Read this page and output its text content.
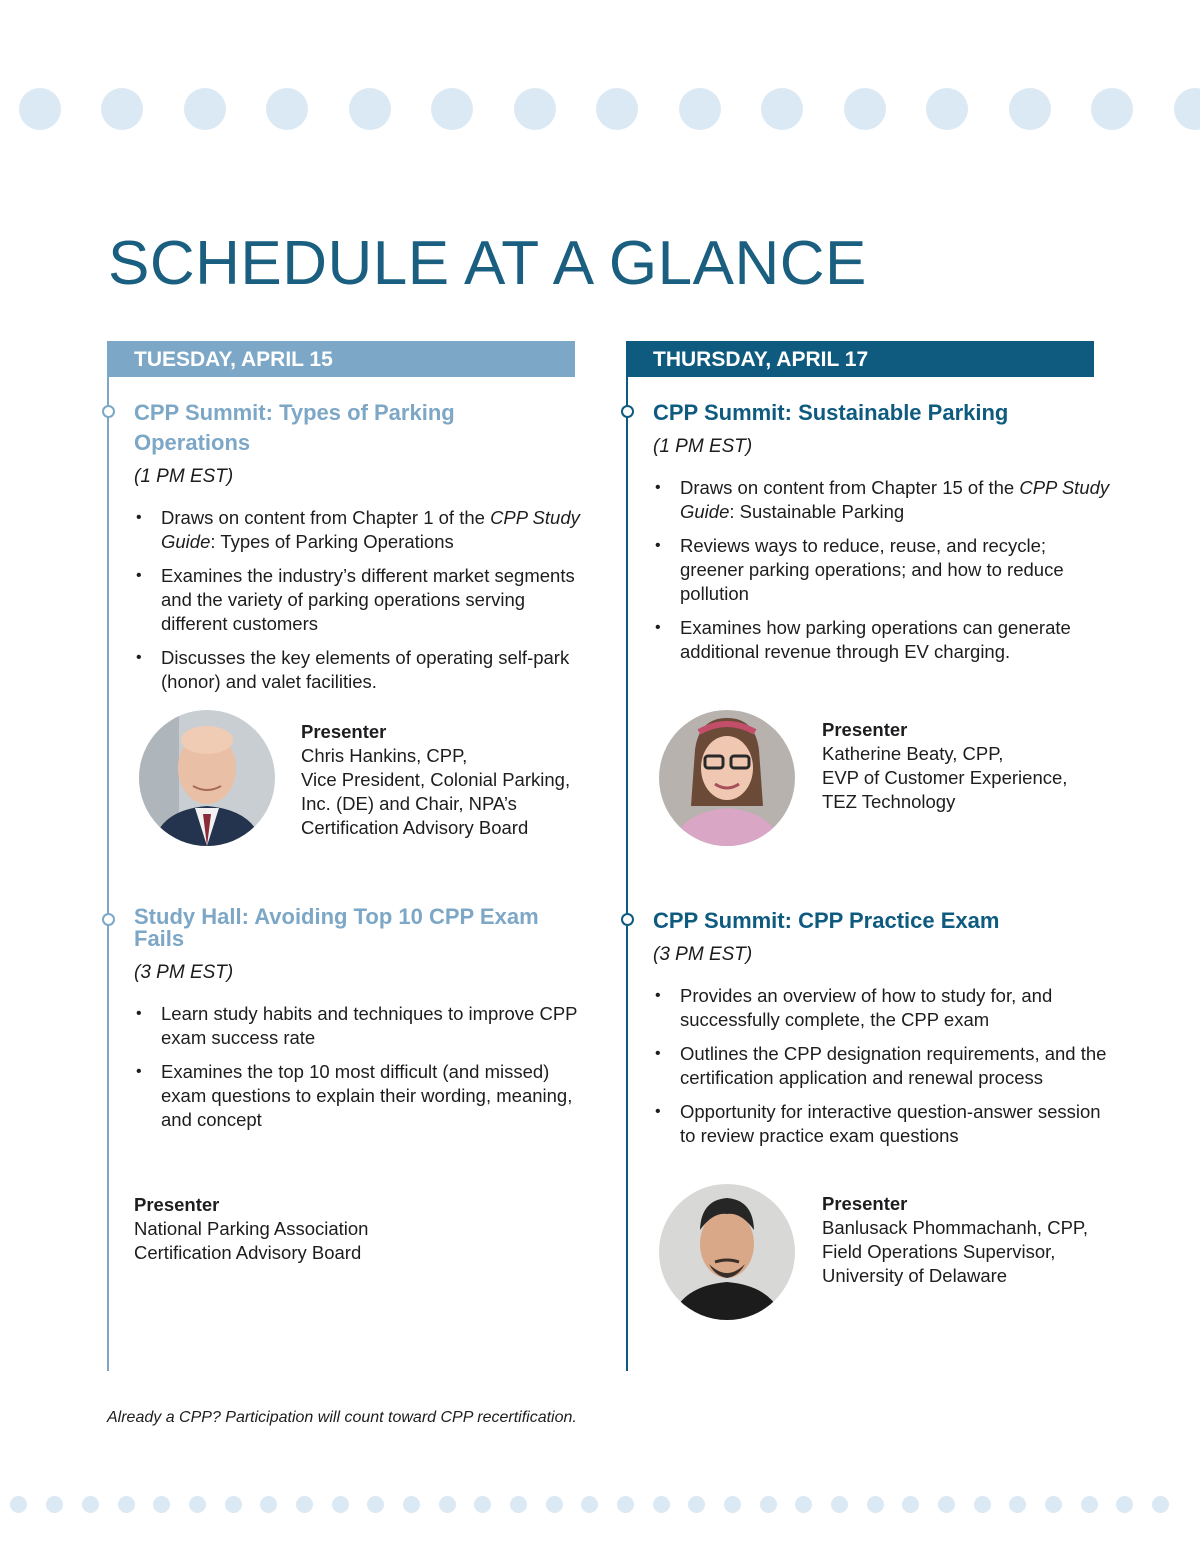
SCHEDULE AT A GLANCE
TUESDAY, APRIL 15
CPP Summit: Types of Parking Operations
(1 PM EST)
• Draws on content from Chapter 1 of the CPP Study Guide: Types of Parking Operations
• Examines the industry’s different market segments and the variety of parking operations serving different customers
• Discusses the key elements of operating self-park (honor) and valet facilities.
Presenter
Chris Hankins, CPP,
Vice President, Colonial Parking,
Inc. (DE) and Chair, NPA’s
Certification Advisory Board
Study Hall: Avoiding Top 10 CPP Exam Fails
(3 PM EST)
• Learn study habits and techniques to improve CPP exam success rate
• Examines the top 10 most difficult (and missed) exam questions to explain their wording, meaning, and concept
Presenter
National Parking Association
Certification Advisory Board
THURSDAY, APRIL 17
CPP Summit: Sustainable Parking
(1 PM EST)
• Draws on content from Chapter 15 of the CPP Study Guide: Sustainable Parking
• Reviews ways to reduce, reuse, and recycle; greener parking operations; and how to reduce pollution
• Examines how parking operations can generate additional revenue through EV charging.
Presenter
Katherine Beaty, CPP,
EVP of Customer Experience,
TEZ Technology
CPP Summit: CPP Practice Exam
(3 PM EST)
• Provides an overview of how to study for, and successfully complete, the CPP exam
• Outlines the CPP designation requirements, and the certification application and renewal process
• Opportunity for interactive question-answer session to review practice exam questions
Presenter
Banlusack Phommachanh, CPP,
Field Operations Supervisor,
University of Delaware

Already a CPP? Participation will count toward CPP recertification.
